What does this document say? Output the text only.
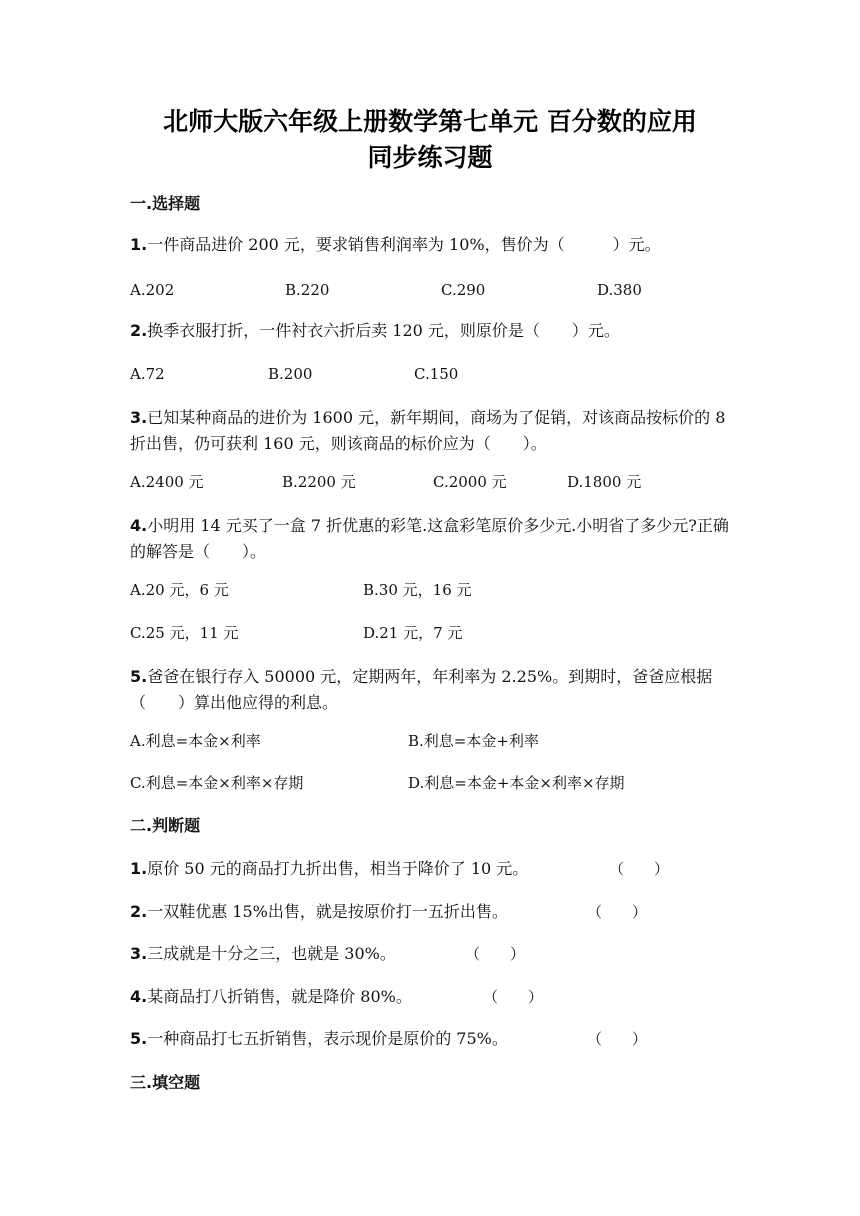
北师大版六年级上册数学第七单元 百分数的应用
同步练习题
一.选择题
1.一件商品进价 200 元，要求销售利润率为 10%，售价为（　　　）元。
A.202	B.220	C.290	D.380
2.换季衣服打折，一件衬衣六折后卖 120 元，则原价是（　　）元。
A.72	B.200	C.150
3.已知某种商品的进价为 1600 元，新年期间，商场为了促销，对该商品按标价的 8 折出售，仍可获利 160 元，则该商品的标价应为（　　）。
A.2400 元	B.2200 元	C.2000 元	D.1800 元
4.小明用 14 元买了一盒 7 折优惠的彩笔.这盒彩笔原价多少元.小明省了多少元?正确的解答是（　　）。
A.20 元，6 元	B.30 元，16 元
C.25 元，11 元	D.21 元，7 元
5.爸爸在银行存入 50000 元，定期两年，年利率为 2.25%。到期时，爸爸应根据（　　）算出他应得的利息。
A.利息=本金×利率	B.利息=本金+利率
C.利息=本金×利率×存期	D.利息=本金+本金×利率×存期
二.判断题
1.原价 50 元的商品打九折出售，相当于降价了 10 元。	（　　）
2.一双鞋优惠 15%出售，就是按原价打一五折出售。	（　　）
3.三成就是十分之三，也就是 30%。	（　　）
4.某商品打八折销售，就是降价 80%。	（　　）
5.一种商品打七五折销售，表示现价是原价的 75%。	（　　）
三.填空题
